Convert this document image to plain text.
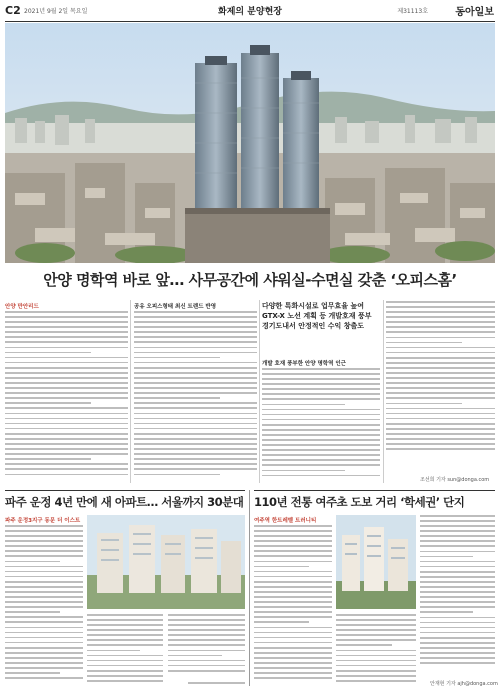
C2 2021년 9월 2일 목요일	화제의 분양현장	제31113호	동아일보
안양 명학역 바로 앞… 사무공간에 샤워실-수면실 갖춘 ‘오피스홈’
안양 만안리드	공유 오피스형태 최신 트렌드 반영	다양한 특화시설로 업무효율 높여 GTX-X 노선 계획 등 개발호재 풍부 경기도내서 안정적인 수익 창출도
개발 호재 풍부한 안양 명학역 인근
조선희 기자 sun@donga.com
파주 운정 4년 만에 새 아파트… 서울까지 30분대
파주 운정3지구 동문 더 이스트
110년 전통 여주초 도보 거리 ‘학세권’ 단지
여주역 한트레벨 트러니티
안재현 기자 ajh@donga.com
